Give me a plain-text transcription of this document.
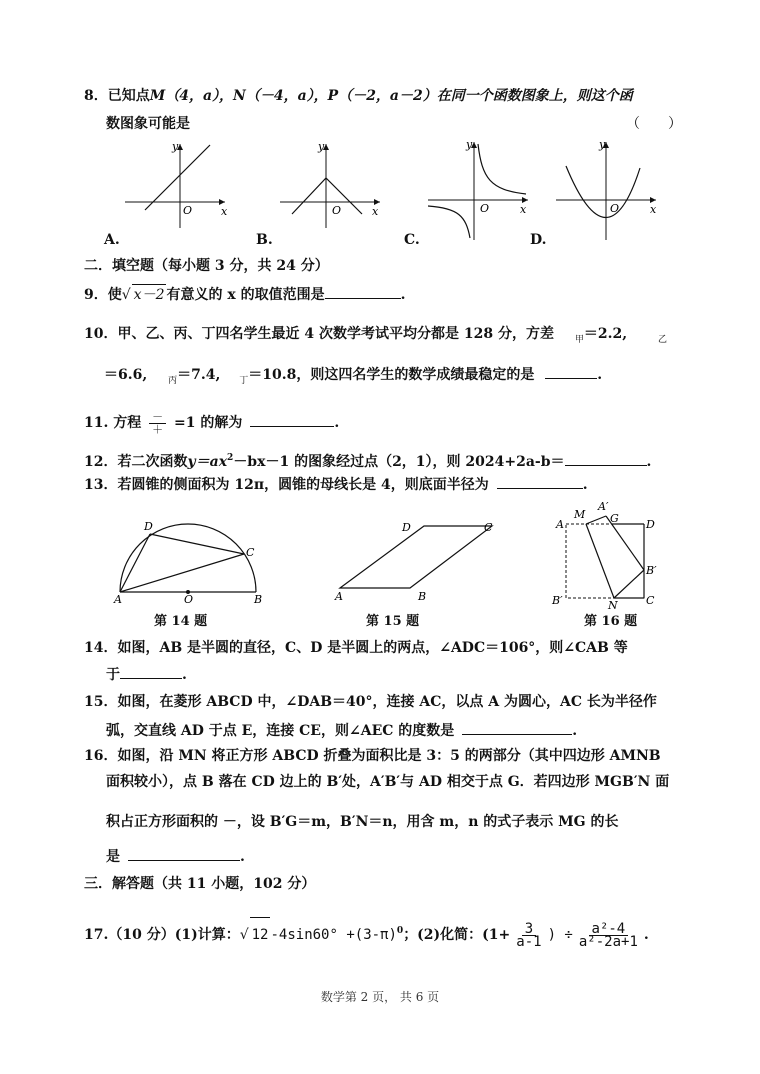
8．已知点M（4，a），N（－4，a），P（－2，a－2）在同一个函数图象上，则这个函
数图象可能是	（　　）
y
x
O
A.
y
x
O
B.
y
x
O
C.
y
x
O
D.
二．填空题（每小题 3 分，共 24 分）
9．使√ x－2 有意义的 x 的取值范围是	.
10．甲、乙、丙、丁四名学生最近 4 次数学考试平均分都是 128 分，方差 $_甲$＝2.2,	$_乙$
＝6.6, $_丙$＝7.4, $_丁$＝10.8，则这四名学生的数学成绩最稳定的是	.
11. 方程 $\frac{-}{+} =1$ 的解为	.
12．若二次函数$y=ax^2-bx-1$ 的图象经过点（2，1），则 2024+2a-b＝	.
13．若圆锥的侧面积为 12π，圆锥的母线长是 4，则底面半径为	.
D
C
A	O	B
第 14 题
D	C
A	B
第 15 题
A
M
A′
G D
B′
B′	N	C
第 16 题
14．如图，AB 是半圆的直径，C、D 是半圆上的两点，∠ADC＝106°，则∠CAB 等
于	.
15．如图，在菱形 ABCD 中，∠DAB＝40°，连接 AC，以点 A 为圆心，AC 长为半径作
弧，交直线 AD 于点 E，连接 CE，则∠AEC 的度数是	.
16．如图，沿 MN 将正方形 ABCD 折叠为面积比是 3：5 的两部分（其中四边形 AMNB
面积较小），点 B 落在 CD 边上的 B′处，A′B′与 AD 相交于点 G．若四边形 MGB′N 面
积占正方形面积的 －，设 B′G＝m，B′N＝n，用含 m，n 的式子表示 MG 的长
是	.
三．解答题（共 11 小题，102 分）
17.（10 分）(1)计算：√ 12 $-4\sin 60^\circ +(3-\pi)^0$；(2)化简：($1+ \frac{3}{a-1}$ ) ÷ $\frac{\text{a²-4}}{\text{a²-2a+1}}$ .
数学第 2 页， 共 6 页
